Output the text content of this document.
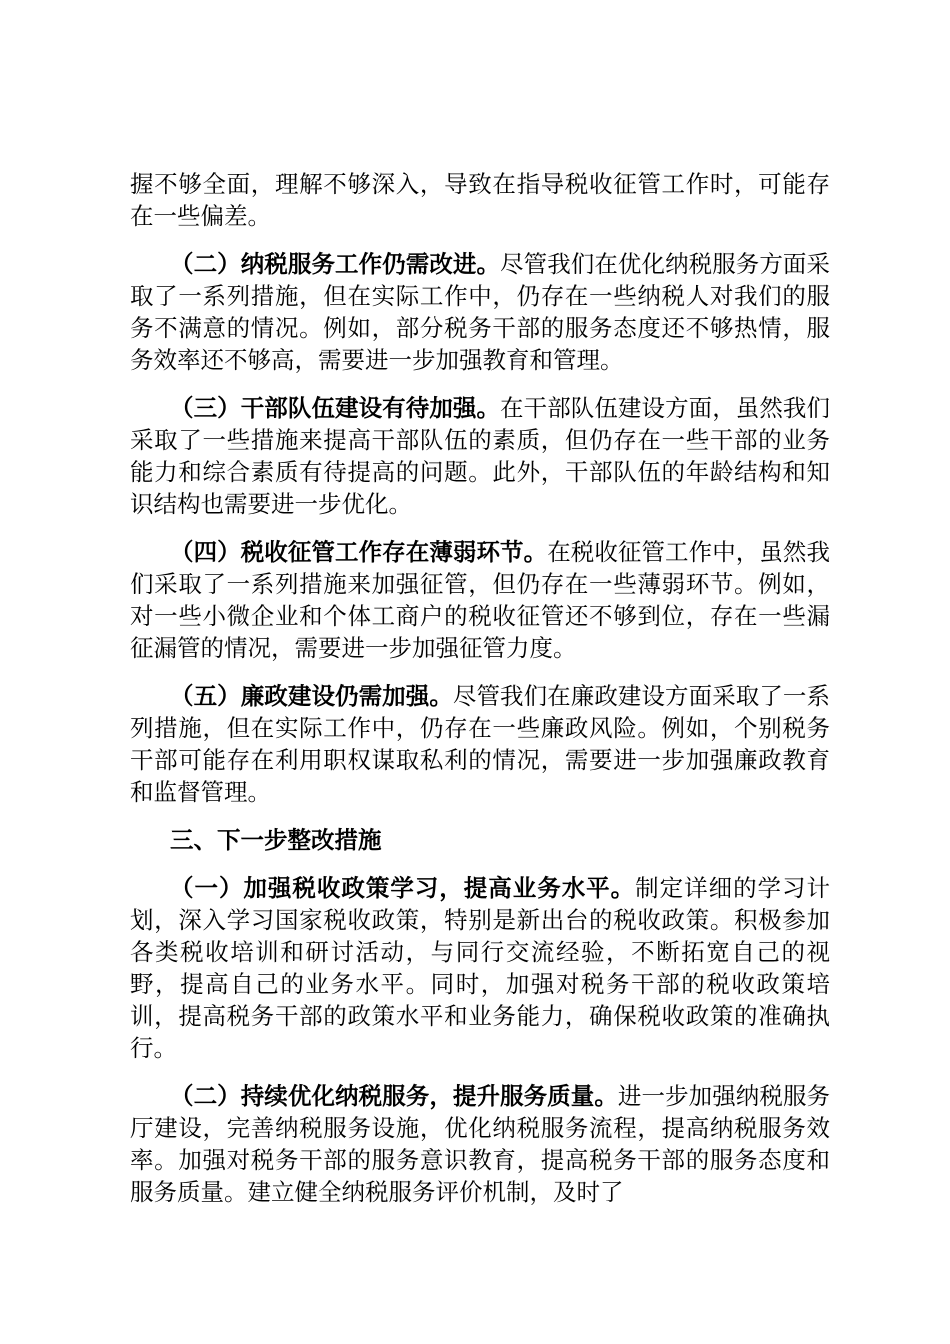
握不够全面，理解不够深入，导致在指导税收征管工作时，可能存在一些偏差。

（二）纳税服务工作仍需改进。尽管我们在优化纳税服务方面采取了一系列措施，但在实际工作中，仍存在一些纳税人对我们的服务不满意的情况。例如，部分税务干部的服务态度还不够热情，服务效率还不够高，需要进一步加强教育和管理。

（三）干部队伍建设有待加强。在干部队伍建设方面，虽然我们采取了一些措施来提高干部队伍的素质，但仍存在一些干部的业务能力和综合素质有待提高的问题。此外，干部队伍的年龄结构和知识结构也需要进一步优化。

（四）税收征管工作存在薄弱环节。在税收征管工作中，虽然我们采取了一系列措施来加强征管，但仍存在一些薄弱环节。例如，对一些小微企业和个体工商户的税收征管还不够到位，存在一些漏征漏管的情况，需要进一步加强征管力度。

（五）廉政建设仍需加强。尽管我们在廉政建设方面采取了一系列措施，但在实际工作中，仍存在一些廉政风险。例如，个别税务干部可能存在利用职权谋取私利的情况，需要进一步加强廉政教育和监督管理。

三、下一步整改措施

（一）加强税收政策学习，提高业务水平。制定详细的学习计划，深入学习国家税收政策，特别是新出台的税收政策。积极参加各类税收培训和研讨活动，与同行交流经验，不断拓宽自己的视野，提高自己的业务水平。同时，加强对税务干部的税收政策培训，提高税务干部的政策水平和业务能力，确保税收政策的准确执行。

（二）持续优化纳税服务，提升服务质量。进一步加强纳税服务厅建设，完善纳税服务设施，优化纳税服务流程，提高纳税服务效率。加强对税务干部的服务意识教育，提高税务干部的服务态度和服务质量。建立健全纳税服务评价机制，及时了
